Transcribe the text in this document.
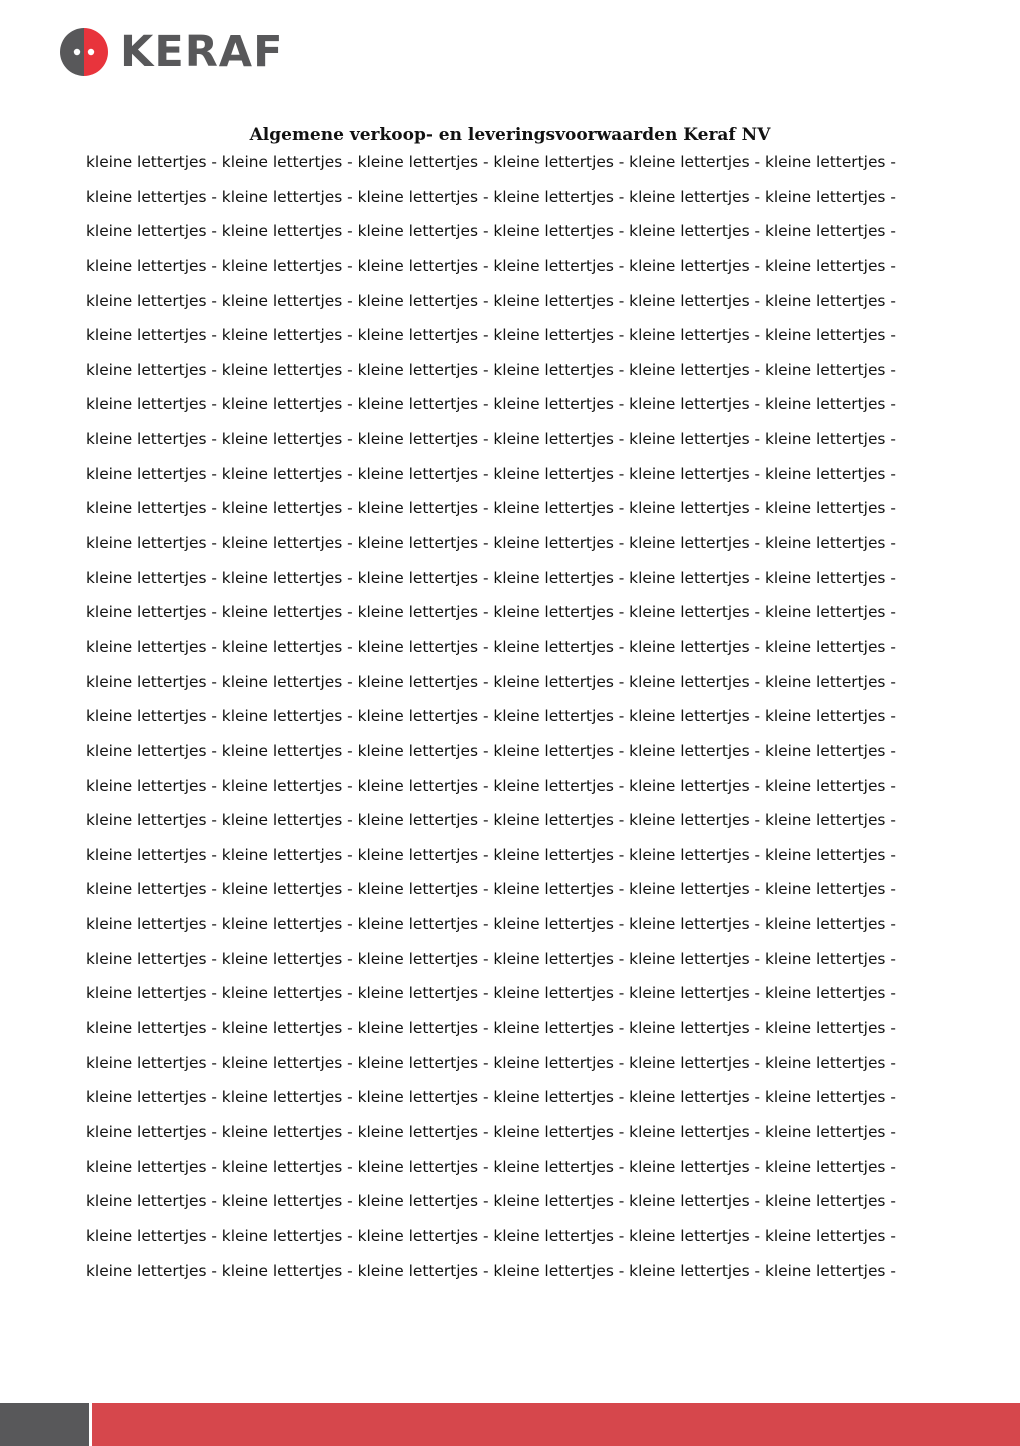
KERAF
Algemene verkoop- en leveringsvoorwaarden Keraf NV
kleine lettertjes - kleine lettertjes - kleine lettertjes - kleine lettertjes - kleine lettertjes - kleine lettertjes -
kleine lettertjes - kleine lettertjes - kleine lettertjes - kleine lettertjes - kleine lettertjes - kleine lettertjes -
kleine lettertjes - kleine lettertjes - kleine lettertjes - kleine lettertjes - kleine lettertjes - kleine lettertjes -
kleine lettertjes - kleine lettertjes - kleine lettertjes - kleine lettertjes - kleine lettertjes - kleine lettertjes -
kleine lettertjes - kleine lettertjes - kleine lettertjes - kleine lettertjes - kleine lettertjes - kleine lettertjes -
kleine lettertjes - kleine lettertjes - kleine lettertjes - kleine lettertjes - kleine lettertjes - kleine lettertjes -
kleine lettertjes - kleine lettertjes - kleine lettertjes - kleine lettertjes - kleine lettertjes - kleine lettertjes -
kleine lettertjes - kleine lettertjes - kleine lettertjes - kleine lettertjes - kleine lettertjes - kleine lettertjes -
kleine lettertjes - kleine lettertjes - kleine lettertjes - kleine lettertjes - kleine lettertjes - kleine lettertjes -
kleine lettertjes - kleine lettertjes - kleine lettertjes - kleine lettertjes - kleine lettertjes - kleine lettertjes -
kleine lettertjes - kleine lettertjes - kleine lettertjes - kleine lettertjes - kleine lettertjes - kleine lettertjes -
kleine lettertjes - kleine lettertjes - kleine lettertjes - kleine lettertjes - kleine lettertjes - kleine lettertjes -
kleine lettertjes - kleine lettertjes - kleine lettertjes - kleine lettertjes - kleine lettertjes - kleine lettertjes -
kleine lettertjes - kleine lettertjes - kleine lettertjes - kleine lettertjes - kleine lettertjes - kleine lettertjes -
kleine lettertjes - kleine lettertjes - kleine lettertjes - kleine lettertjes - kleine lettertjes - kleine lettertjes -
kleine lettertjes - kleine lettertjes - kleine lettertjes - kleine lettertjes - kleine lettertjes - kleine lettertjes -
kleine lettertjes - kleine lettertjes - kleine lettertjes - kleine lettertjes - kleine lettertjes - kleine lettertjes -
kleine lettertjes - kleine lettertjes - kleine lettertjes - kleine lettertjes - kleine lettertjes - kleine lettertjes -
kleine lettertjes - kleine lettertjes - kleine lettertjes - kleine lettertjes - kleine lettertjes - kleine lettertjes -
kleine lettertjes - kleine lettertjes - kleine lettertjes - kleine lettertjes - kleine lettertjes - kleine lettertjes -
kleine lettertjes - kleine lettertjes - kleine lettertjes - kleine lettertjes - kleine lettertjes - kleine lettertjes -
kleine lettertjes - kleine lettertjes - kleine lettertjes - kleine lettertjes - kleine lettertjes - kleine lettertjes -
kleine lettertjes - kleine lettertjes - kleine lettertjes - kleine lettertjes - kleine lettertjes - kleine lettertjes -
kleine lettertjes - kleine lettertjes - kleine lettertjes - kleine lettertjes - kleine lettertjes - kleine lettertjes -
kleine lettertjes - kleine lettertjes - kleine lettertjes - kleine lettertjes - kleine lettertjes - kleine lettertjes -
kleine lettertjes - kleine lettertjes - kleine lettertjes - kleine lettertjes - kleine lettertjes - kleine lettertjes -
kleine lettertjes - kleine lettertjes - kleine lettertjes - kleine lettertjes - kleine lettertjes - kleine lettertjes -
kleine lettertjes - kleine lettertjes - kleine lettertjes - kleine lettertjes - kleine lettertjes - kleine lettertjes -
kleine lettertjes - kleine lettertjes - kleine lettertjes - kleine lettertjes - kleine lettertjes - kleine lettertjes -
kleine lettertjes - kleine lettertjes - kleine lettertjes - kleine lettertjes - kleine lettertjes - kleine lettertjes -
kleine lettertjes - kleine lettertjes - kleine lettertjes - kleine lettertjes - kleine lettertjes - kleine lettertjes -
kleine lettertjes - kleine lettertjes - kleine lettertjes - kleine lettertjes - kleine lettertjes - kleine lettertjes -
kleine lettertjes - kleine lettertjes - kleine lettertjes - kleine lettertjes - kleine lettertjes - kleine lettertjes -
